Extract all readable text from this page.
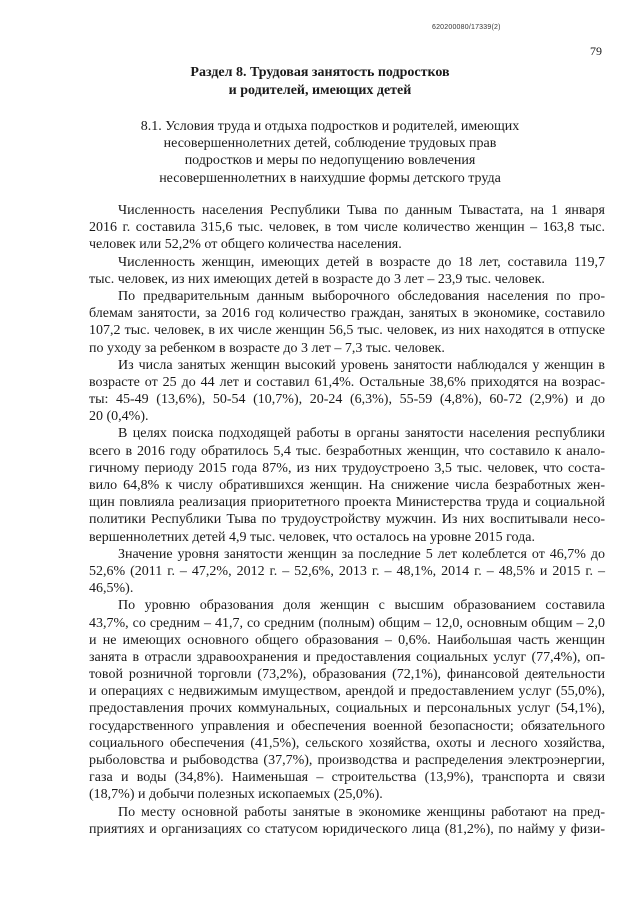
620200080/17339(2)
79
Раздел 8. Трудовая занятость подростков
и родителей, имеющих детей
8.1. Условия труда и отдыха подростков и родителей, имеющих
несовершеннолетних детей, соблюдение трудовых прав
подростков и меры по недопущению вовлечения
несовершеннолетних в наихудшие формы детского труда
Численность населения Республики Тыва по данным Тывастата, на 1 января
2016 г. составила 315,6 тыс. человек, в том числе количество женщин – 163,8 тыс.
человек или 52,2% от общего количества населения.
Численность женщин, имеющих детей в возрасте до 18 лет, составила 119,7
тыс. человек, из них имеющих детей в возрасте до 3 лет – 23,9 тыс. человек.
По предварительным данным выборочного обследования населения по про-
блемам занятости, за 2016 год количество граждан, занятых в экономике, составило
107,2 тыс. человек, в их числе женщин 56,5 тыс. человек, из них находятся в отпуске
по уходу за ребенком в возрасте до 3 лет – 7,3 тыс. человек.
Из числа занятых женщин высокий уровень занятости наблюдался у женщин в
возрасте от 25 до 44 лет и составил 61,4%. Остальные 38,6% приходятся на возрас-
ты: 45-49 (13,6%), 50-54 (10,7%), 20-24 (6,3%), 55-59 (4,8%), 60-72 (2,9%) и до
20 (0,4%).
В целях поиска подходящей работы в органы занятости населения республики
всего в 2016 году обратилось 5,4 тыс. безработных женщин, что составило к анало-
гичному периоду 2015 года 87%, из них трудоустроено 3,5 тыс. человек, что соста-
вило 64,8% к числу обратившихся женщин. На снижение числа безработных жен-
щин повлияла реализация приоритетного проекта Министерства труда и социальной
политики Республики Тыва по трудоустройству мужчин. Из них воспитывали несо-
вершеннолетних детей 4,9 тыс. человек, что осталось на уровне 2015 года.
Значение уровня занятости женщин за последние 5 лет колеблется от 46,7% до
52,6% (2011 г. – 47,2%, 2012 г. – 52,6%, 2013 г. – 48,1%, 2014 г. – 48,5% и 2015 г. –
46,5%).
По уровню образования доля женщин с высшим образованием составила
43,7%, со средним – 41,7, со средним (полным) общим – 12,0, основным общим – 2,0
и не имеющих основного общего образования – 0,6%. Наибольшая часть женщин
занята в отрасли здравоохранения и предоставления социальных услуг (77,4%), оп-
товой розничной торговли (73,2%), образования (72,1%), финансовой деятельности
и операциях с недвижимым имуществом, арендой и предоставлением услуг (55,0%),
предоставления прочих коммунальных, социальных и персональных услуг (54,1%),
государственного управления и обеспечения военной безопасности; обязательного
социального обеспечения (41,5%), сельского хозяйства, охоты и лесного хозяйства,
рыболовства и рыбоводства (37,7%), производства и распределения электроэнергии,
газа и воды (34,8%). Наименьшая – строительства (13,9%), транспорта и связи
(18,7%) и добычи полезных ископаемых (25,0%).
По месту основной работы занятые в экономике женщины работают на пред-
приятиях и организациях со статусом юридического лица (81,2%), по найму у физи-
